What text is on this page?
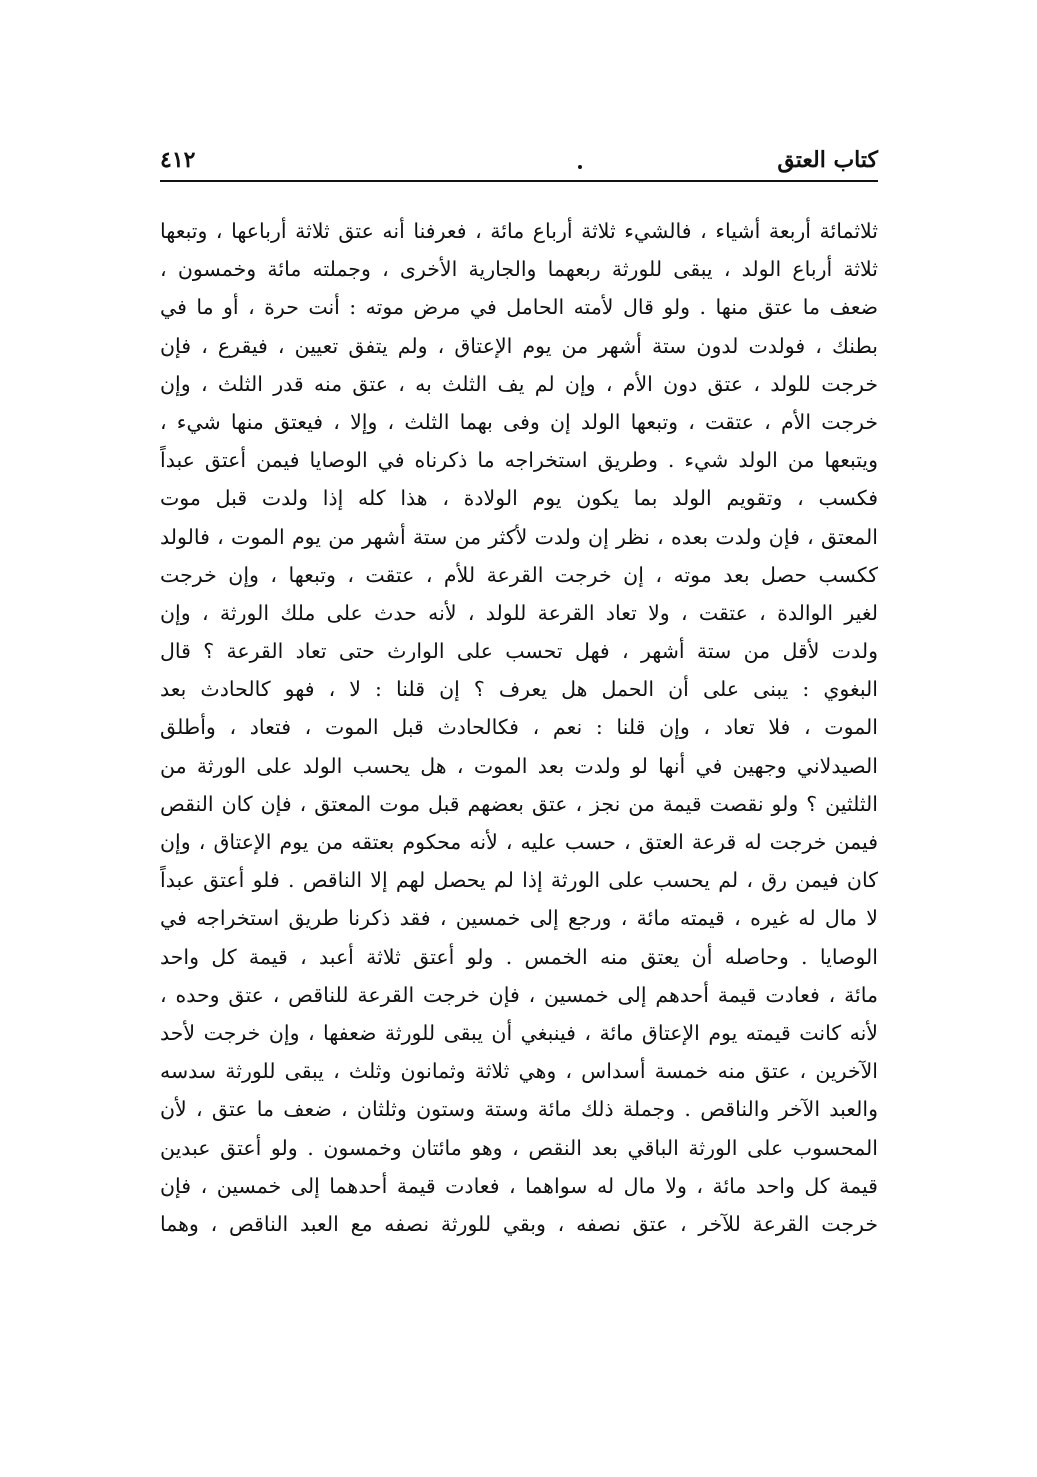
كتاب العتق
٤١٢
ثلاثمائة أربعة أشياء ، فالشيء ثلاثة أرباع مائة ، فعرفنا أنه عتق ثلاثة أرباعها ، وتبعها
ثلاثة أرباع الولد ، يبقى للورثة ربعهما والجارية الأخرى ، وجملته مائة وخمسون ،
ضعف ما عتق منها . ولو قال لأمته الحامل في مرض موته : أنت حرة ، أو ما في
بطنك ، فولدت لدون ستة أشهر من يوم الإعتاق ، ولم يتفق تعيين ، فيقرع ، فإن
خرجت للولد ، عتق دون الأم ، وإن لم يف الثلث به ، عتق منه قدر الثلث ، وإن
خرجت الأم ، عتقت ، وتبعها الولد إن وفى بهما الثلث ، وإلا ، فيعتق منها شيء ،
ويتبعها من الولد شيء . وطريق استخراجه ما ذكرناه في الوصايا فيمن أعتق عبداً
فكسب ، وتقويم الولد بما يكون يوم الولادة ، هذا كله إذا ولدت قبل موت
المعتق ، فإن ولدت بعده ، نظر إن ولدت لأكثر من ستة أشهر من يوم الموت ، فالولد
ككسب حصل بعد موته ، إن خرجت القرعة للأم ، عتقت ، وتبعها ، وإن خرجت
لغير الوالدة ، عتقت ، ولا تعاد القرعة للولد ، لأنه حدث على ملك الورثة ، وإن
ولدت لأقل من ستة أشهر ، فهل تحسب على الوارث حتى تعاد القرعة ؟ قال
البغوي : يبنى على أن الحمل هل يعرف ؟ إن قلنا : لا ، فهو كالحادث بعد
الموت ، فلا تعاد ، وإن قلنا : نعم ، فكالحادث قبل الموت ، فتعاد ، وأطلق
الصيدلاني وجهين في أنها لو ولدت بعد الموت ، هل يحسب الولد على الورثة من
الثلثين ؟ ولو نقصت قيمة من نجز ، عتق بعضهم قبل موت المعتق ، فإن كان النقص
فيمن خرجت له قرعة العتق ، حسب عليه ، لأنه محكوم بعتقه من يوم الإعتاق ، وإن
كان فيمن رق ، لم يحسب على الورثة إذا لم يحصل لهم إلا الناقص . فلو أعتق عبداً
لا مال له غيره ، قيمته مائة ، ورجع إلى خمسين ، فقد ذكرنا طريق استخراجه في
الوصايا . وحاصله أن يعتق منه الخمس . ولو أعتق ثلاثة أعبد ، قيمة كل واحد
مائة ، فعادت قيمة أحدهم إلى خمسين ، فإن خرجت القرعة للناقص ، عتق وحده ،
لأنه كانت قيمته يوم الإعتاق مائة ، فينبغي أن يبقى للورثة ضعفها ، وإن خرجت لأحد
الآخرين ، عتق منه خمسة أسداس ، وهي ثلاثة وثمانون وثلث ، يبقى للورثة سدسه
والعبد الآخر والناقص . وجملة ذلك مائة وستة وستون وثلثان ، ضعف ما عتق ، لأن
المحسوب على الورثة الباقي بعد النقص ، وهو مائتان وخمسون . ولو أعتق عبدين
قيمة كل واحد مائة ، ولا مال له سواهما ، فعادت قيمة أحدهما إلى خمسين ، فإن
خرجت القرعة للآخر ، عتق نصفه ، وبقي للورثة نصفه مع العبد الناقص ، وهما
